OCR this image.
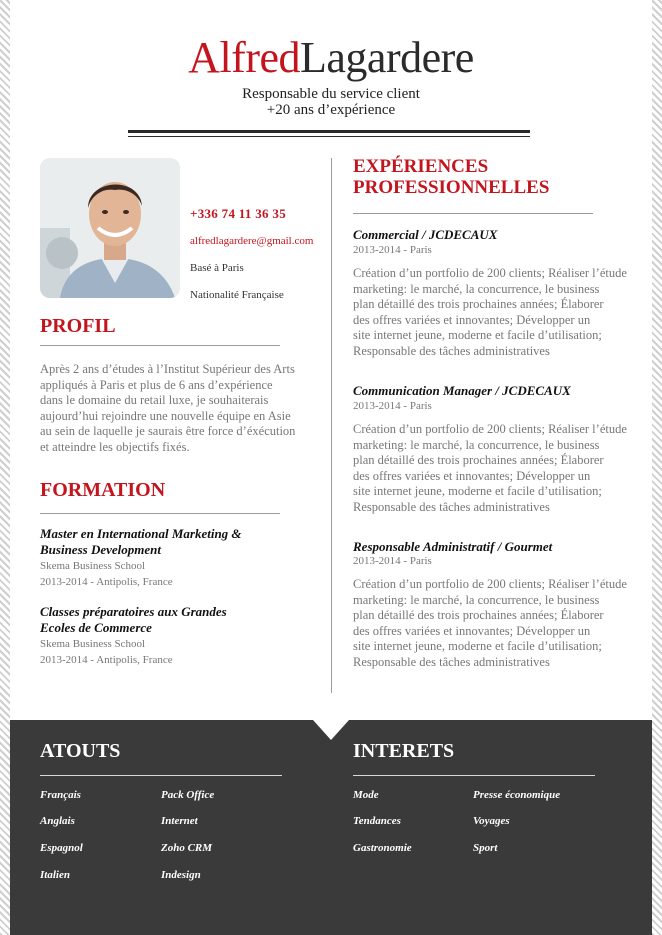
AlfredLagardere
Responsable du service client
+20 ans d’expérience
+336 74 11 36 35
alfredlagardere@gmail.com
Basé à Paris
Nationalité Française
PROFIL
Après 2 ans d’études à l’Institut Supérieur des Arts
appliqués à Paris et plus de 6 ans d’expérience
dans le domaine du retail luxe, je souhaiterais
aujourd’hui rejoindre une nouvelle équipe en Asie
au sein de laquelle je saurais être force d’éxécution
et atteindre les objectifs fixés.
FORMATION
Master en International Marketing &
Business Development
Skema Business School
2013-2014 - Antipolis, France
Classes préparatoires aux Grandes
Ecoles de Commerce
Skema Business School
2013-2014 - Antipolis, France
EXPÉRIENCES
PROFESSIONNELLES
Commercial / JCDECAUX
2013-2014 - Paris
Création d’un portfolio de 200 clients; Réaliser l’étude
marketing: le marché, la concurrence, le business
plan détaillé des trois prochaines années; Élaborer
des offres variées et innovantes; Développer un
site internet jeune, moderne et facile d’utilisation;
Responsable des tâches administratives
Communication Manager / JCDECAUX
2013-2014 - Paris
Création d’un portfolio de 200 clients; Réaliser l’étude
marketing: le marché, la concurrence, le business
plan détaillé des trois prochaines années; Élaborer
des offres variées et innovantes; Développer un
site internet jeune, moderne et facile d’utilisation;
Responsable des tâches administratives
Responsable Administratif / Gourmet
2013-2014 - Paris
Création d’un portfolio de 200 clients; Réaliser l’étude
marketing: le marché, la concurrence, le business
plan détaillé des trois prochaines années; Élaborer
des offres variées et innovantes; Développer un
site internet jeune, moderne et facile d’utilisation;
Responsable des tâches administratives
ATOUTS
Français
Anglais
Espagnol
Italien
Pack Office
Internet
Zoho CRM
Indesign
INTERETS
Mode
Tendances
Gastronomie
Presse économique
Voyages
Sport
